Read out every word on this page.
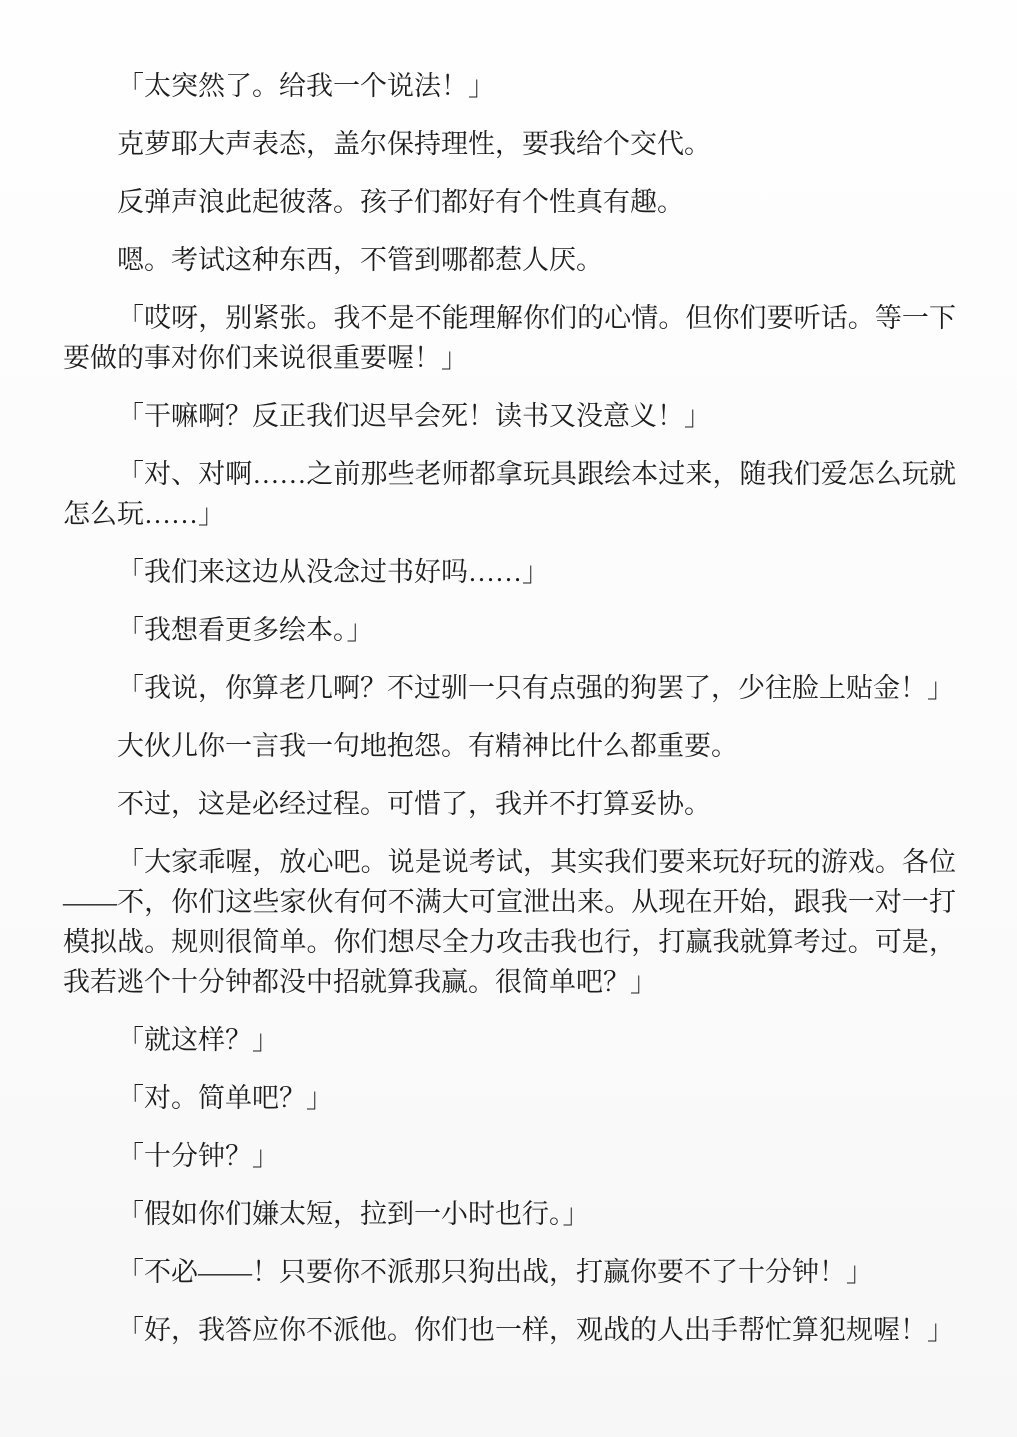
「太突然了。给我一个说法！」

克萝耶大声表态，盖尔保持理性，要我给个交代。

反弹声浪此起彼落。孩子们都好有个性真有趣。

嗯。考试这种东西，不管到哪都惹人厌。

「哎呀，别紧张。我不是不能理解你们的心情。但你们要听话。等一下要做的事对你们来说很重要喔！」

「干嘛啊？反正我们迟早会死！读书又没意义！」

「对、对啊……之前那些老师都拿玩具跟绘本过来，随我们爱怎么玩就怎么玩……」

「我们来这边从没念过书好吗……」

「我想看更多绘本。」

「我说，你算老几啊？不过驯一只有点强的狗罢了，少往脸上贴金！」

大伙儿你一言我一句地抱怨。有精神比什么都重要。

不过，这是必经过程。可惜了，我并不打算妥协。

「大家乖喔，放心吧。说是说考试，其实我们要来玩好玩的游戏。各位——不，你们这些家伙有何不满大可宣泄出来。从现在开始，跟我一对一打模拟战。规则很简单。你们想尽全力攻击我也行，打赢我就算考过。可是，我若逃个十分钟都没中招就算我赢。很简单吧？」

「就这样？」

「对。简单吧？」

「十分钟？」

「假如你们嫌太短，拉到一小时也行。」

「不必——！只要你不派那只狗出战，打赢你要不了十分钟！」

「好，我答应你不派他。你们也一样，观战的人出手帮忙算犯规喔！」
